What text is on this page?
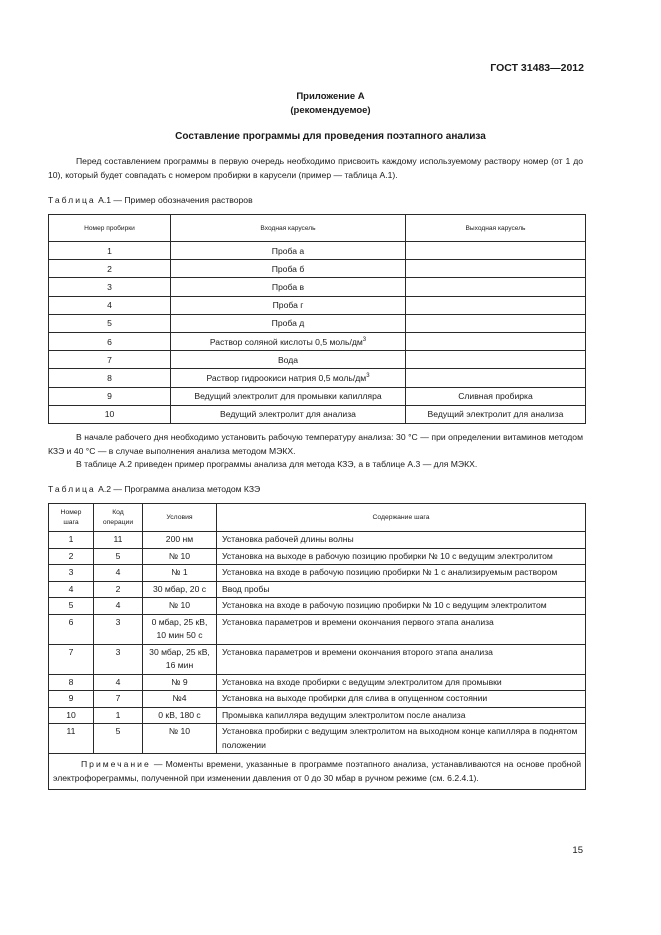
ГОСТ 31483—2012
Приложение А
(рекомендуемое)
Составление программы для проведения поэтапного анализа
Перед составлением программы в первую очередь необходимо присвоить каждому используемому раствору номер (от 1 до 10), который будет совпадать с номером пробирки в карусели (пример — таблица А.1).
Таблица А.1 — Пример обозначения растворов
Номер пробирки	Входная карусель	Выходная карусель
1	Проба а	
2	Проба б	
3	Проба в	
4	Проба г	
5	Проба д	
6	Раствор соляной кислоты 0,5 моль/$дм^3$	
7	Вода	
8	Раствор гидроокиси натрия 0,5 моль/$дм^3$	
9	Ведущий электролит для промывки капилляра	Сливная пробирка
10	Ведущий электролит для анализа	Ведущий электролит для анализа
В начале рабочего дня необходимо установить рабочую температуру анализа: 30 °С — при определении витаминов методом КЗЭ и 40 °С — в случае выполнения анализа методом МЭКХ.
В таблице А.2 приведен пример программы анализа для метода КЗЭ, а в таблице А.3 — для МЭКХ.
Таблица А.2 — Программа анализа методом КЗЭ
Номер шага	Код операции	Условия	Содержание шага
1	11	200 нм	Установка рабочей длины волны
2	5	№ 10	Установка на выходе в рабочую позицию пробирки № 10 с ведущим электролитом
3	4	№ 1	Установка на входе в рабочую позицию пробирки № 1 с анализируемым раствором
4	2	30 мбар, 20 с	Ввод пробы
5	4	№ 10	Установка на входе в рабочую позицию пробирки № 10 с ведущим электролитом
6	3	0 мбар, 25 кВ, 10 мин 50 с	Установка параметров и времени окончания первого этапа анализа
7	3	30 мбар, 25 кВ, 16 мин	Установка параметров и времени окончания второго этапа анализа
8	4	№ 9	Установка на входе пробирки с ведущим электролитом для промывки
9	7	№4	Установка на выходе пробирки для слива в опущенном состоянии
10	1	0 кВ, 180 с	Промывка капилляра ведущим электролитом после анализа
11	5	№ 10	Установка пробирки с ведущим электролитом на выходном конце капилляра в поднятом положении
Примечание — Моменты времени, указанные в программе поэтапного анализа, устанавливаются на основе пробной электрофореграммы, полученной при изменении давления от 0 до 30 мбар в ручном режиме (см. 6.2.4.1).			
15
